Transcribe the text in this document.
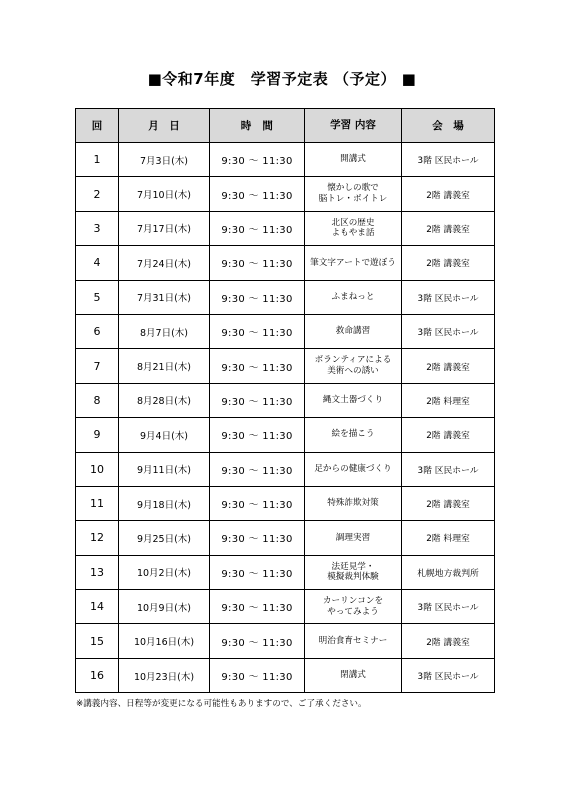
■令和7年度　学習予定表 （予定） ■
回	月　日	時　間	学習 内容	会　場
1	7月3日(木)	9:30 ～ 11:30	開講式	3階 区民ホール
2	7月10日(木)	9:30 ～ 11:30	懐かしの歌で
脳トレ・ボイトレ	2階 講義室
3	7月17日(木)	9:30 ～ 11:30	北区の歴史
よもやま話	2階 講義室
4	7月24日(木)	9:30 ～ 11:30	筆文字アートで遊ぼう	2階 講義室
5	7月31日(木)	9:30 ～ 11:30	ふまねっと	3階 区民ホール
6	8月7日(木)	9:30 ～ 11:30	救命講習	3階 区民ホール
7	8月21日(木)	9:30 ～ 11:30	ボランティアによる
美術への誘い	2階 講義室
8	8月28日(木)	9:30 ～ 11:30	縄文土器づくり	2階 料理室
9	9月4日(木)	9:30 ～ 11:30	絵を描こう	2階 講義室
10	9月11日(木)	9:30 ～ 11:30	足からの健康づくり	3階 区民ホール
11	9月18日(木)	9:30 ～ 11:30	特殊詐欺対策	2階 講義室
12	9月25日(木)	9:30 ～ 11:30	調理実習	2階 料理室
13	10月2日(木)	9:30 ～ 11:30	法廷見学・
模擬裁判体験	札幌地方裁判所
14	10月9日(木)	9:30 ～ 11:30	カーリンコンを
やってみよう	3階 区民ホール
15	10月16日(木)	9:30 ～ 11:30	明治食育セミナー	2階 講義室
16	10月23日(木)	9:30 ～ 11:30	閉講式	3階 区民ホール
※講義内容、日程等が変更になる可能性もありますので、ご了承ください。
